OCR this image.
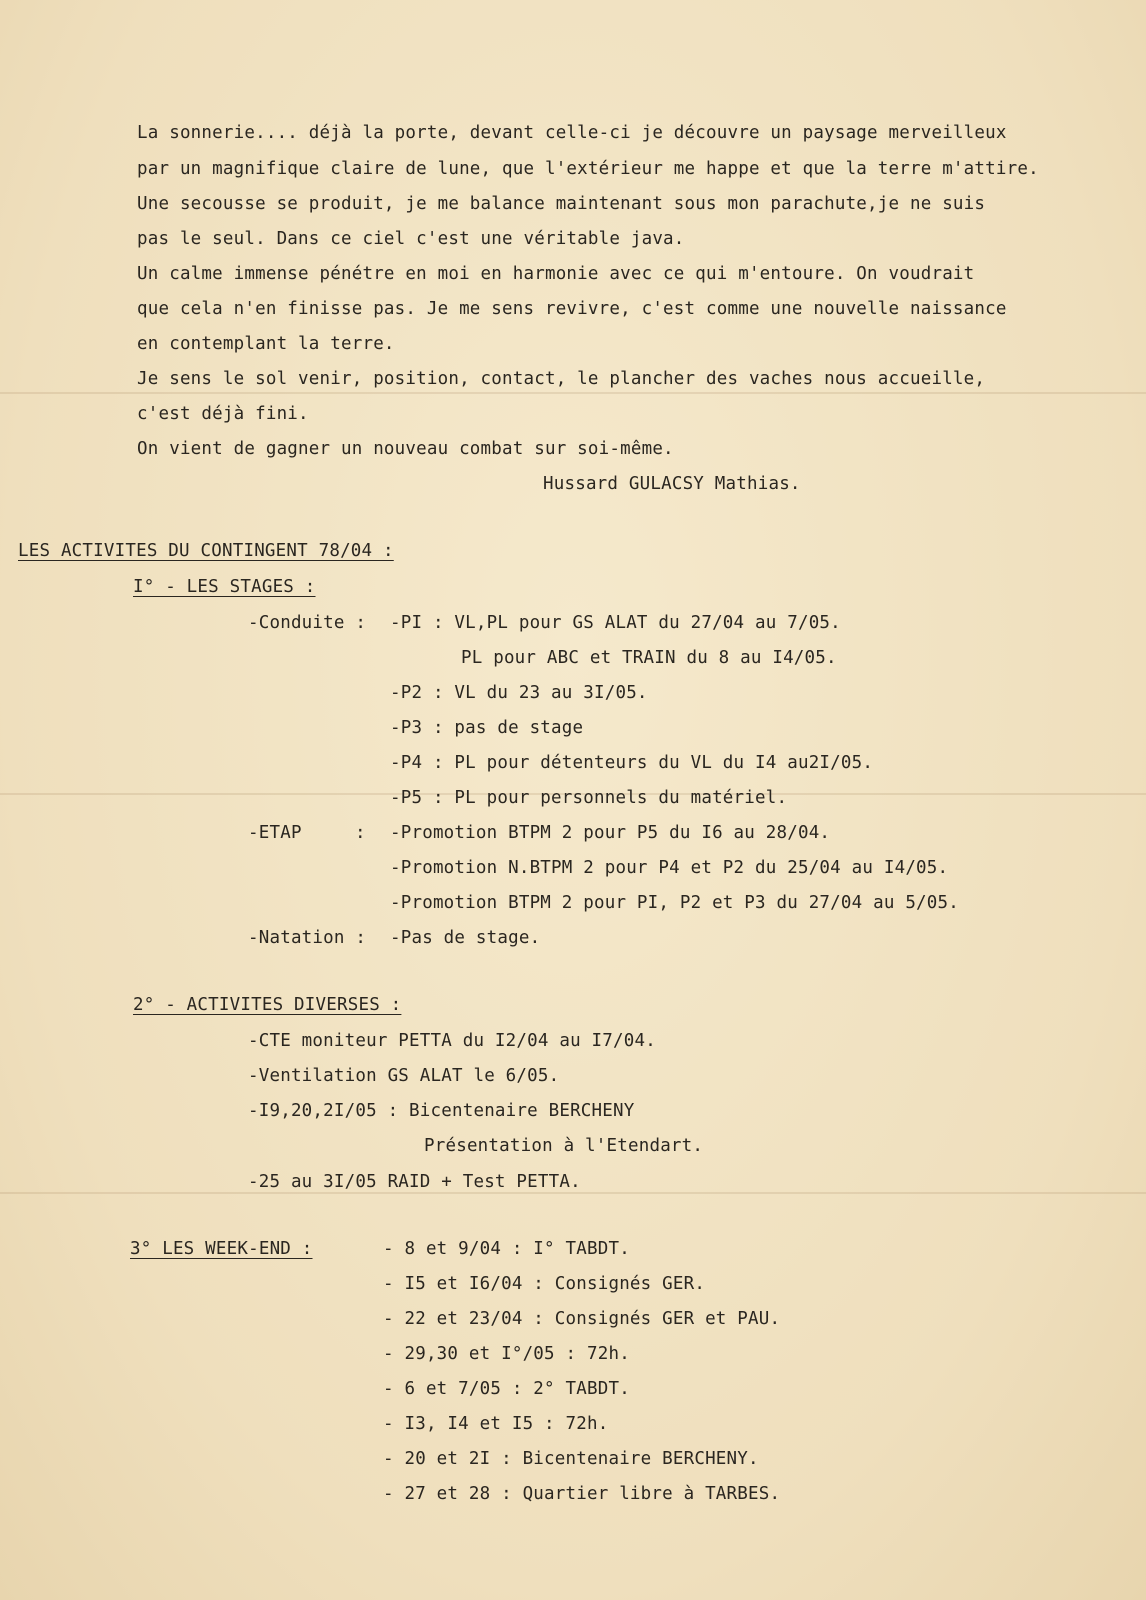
La sonnerie.... déjà la porte, devant celle-ci je découvre un paysage merveilleux
par un magnifique claire de lune, que l'extérieur me happe et que la terre m'attire.
Une secousse se produit, je me balance maintenant sous mon parachute,je ne suis
pas le seul. Dans ce ciel c'est une véritable java.
Un calme immense pénétre en moi en harmonie avec ce qui m'entoure. On voudrait
que cela n'en finisse pas. Je me sens revivre, c'est comme une nouvelle naissance
en contemplant la terre.
Je sens le sol venir, position, contact, le plancher des vaches nous accueille,
c'est déjà fini.
On vient de gagner un nouveau combat sur soi-même.
Hussard GULACSY Mathias.
LES ACTIVITES DU CONTINGENT 78/04 :
I° - LES STAGES :
-Conduite : -PI : VL,PL pour GS ALAT du 27/04 au 7/05.
PL pour ABC et TRAIN du 8 au I4/05.
-P2 : VL du 23 au 3I/05.
-P3 : pas de stage
-P4 : PL pour détenteurs du VL du I4 au2I/05.
-P5 : PL pour personnels du matériel.
-ETAP	: -Promotion BTPM 2 pour P5 du I6 au 28/04.
-Promotion N.BTPM 2 pour P4 et P2 du 25/04 au I4/05.
-Promotion BTPM 2 pour PI, P2 et P3 du 27/04 au 5/05.
-Natation : -Pas de stage.
2° - ACTIVITES DIVERSES :
-CTE moniteur PETTA du I2/04 au I7/04.
-Ventilation GS ALAT le 6/05.
-I9,20,2I/05 : Bicentenaire BERCHENY
Présentation à l'Etendart.
-25 au 3I/05 RAID + Test PETTA.
3° LES WEEK-END :	- 8 et 9/04 : I° TABDT.
- I5 et I6/04 : Consignés GER.
- 22 et 23/04 : Consignés GER et PAU.
- 29,30 et I°/05 : 72h.
- 6 et 7/05 : 2° TABDT.
- I3, I4 et I5 : 72h.
- 20 et 2I : Bicentenaire BERCHENY.
- 27 et 28 : Quartier libre à TARBES.
